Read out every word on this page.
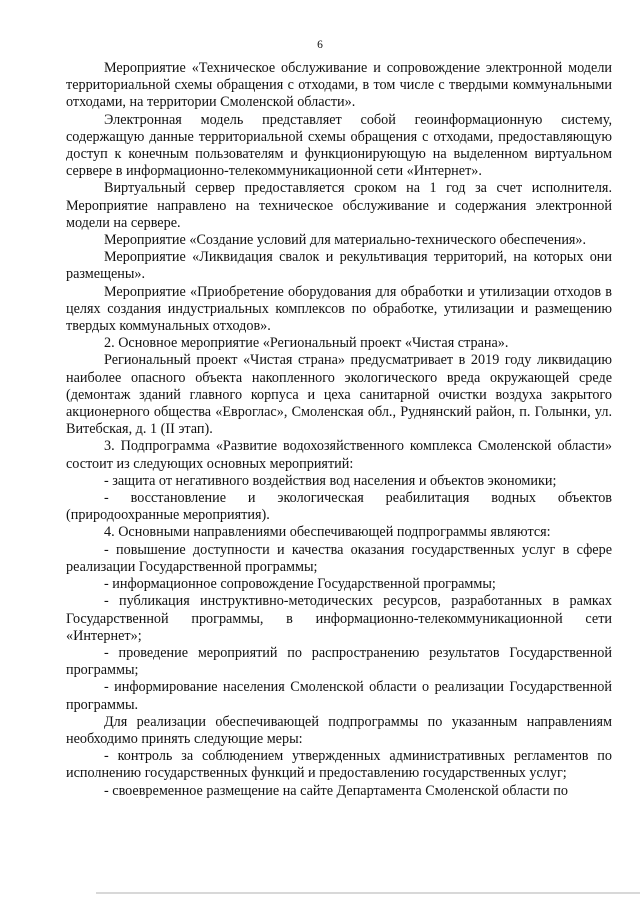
6

Мероприятие «Техническое обслуживание и сопровождение электронной модели территориальной схемы обращения с отходами, в том числе с твердыми коммунальными отходами, на территории Смоленской области».

Электронная модель представляет собой геоинформационную систему, содержащую данные территориальной схемы обращения с отходами, предоставляющую доступ к конечным пользователям и функционирующую на выделенном виртуальном сервере в информационно-телекоммуникационной сети «Интернет».

Виртуальный сервер предоставляется сроком на 1 год за счет исполнителя. Мероприятие направлено на техническое обслуживание и содержания электронной модели на сервере.

Мероприятие «Создание условий для материально-технического обеспечения».

Мероприятие «Ликвидация свалок и рекультивация территорий, на которых они размещены».

Мероприятие «Приобретение оборудования для обработки и утилизации отходов в целях создания индустриальных комплексов по обработке, утилизации и размещению твердых коммунальных отходов».

2. Основное мероприятие «Региональный проект «Чистая страна».

Региональный проект «Чистая страна» предусматривает в 2019 году ликвидацию наиболее опасного объекта накопленного экологического вреда окружающей среде (демонтаж зданий главного корпуса и цеха санитарной очистки воздуха закрытого акционерного общества «Евроглас», Смоленская обл., Руднянский район, п. Голынки, ул. Витебская, д. 1 (II этап).

3. Подпрограмма «Развитие водохозяйственного комплекса Смоленской области» состоит из следующих основных мероприятий:

- защита от негативного воздействия вод населения и объектов экономики;

- восстановление и экологическая реабилитация водных объектов (природоохранные мероприятия).

4. Основными направлениями обеспечивающей подпрограммы являются:

- повышение доступности и качества оказания государственных услуг в сфере реализации Государственной программы;

- информационное сопровождение Государственной программы;

- публикация инструктивно-методических ресурсов, разработанных в рамках Государственной программы, в информационно-телекоммуникационной сети «Интернет»;

- проведение мероприятий по распространению результатов Государственной программы;

- информирование населения Смоленской области о реализации Государственной программы.

Для реализации обеспечивающей подпрограммы по указанным направлениям необходимо принять следующие меры:

- контроль за соблюдением утвержденных административных регламентов по исполнению государственных функций и предоставлению государственных услуг;

- своевременное размещение на сайте Департамента Смоленской области по
